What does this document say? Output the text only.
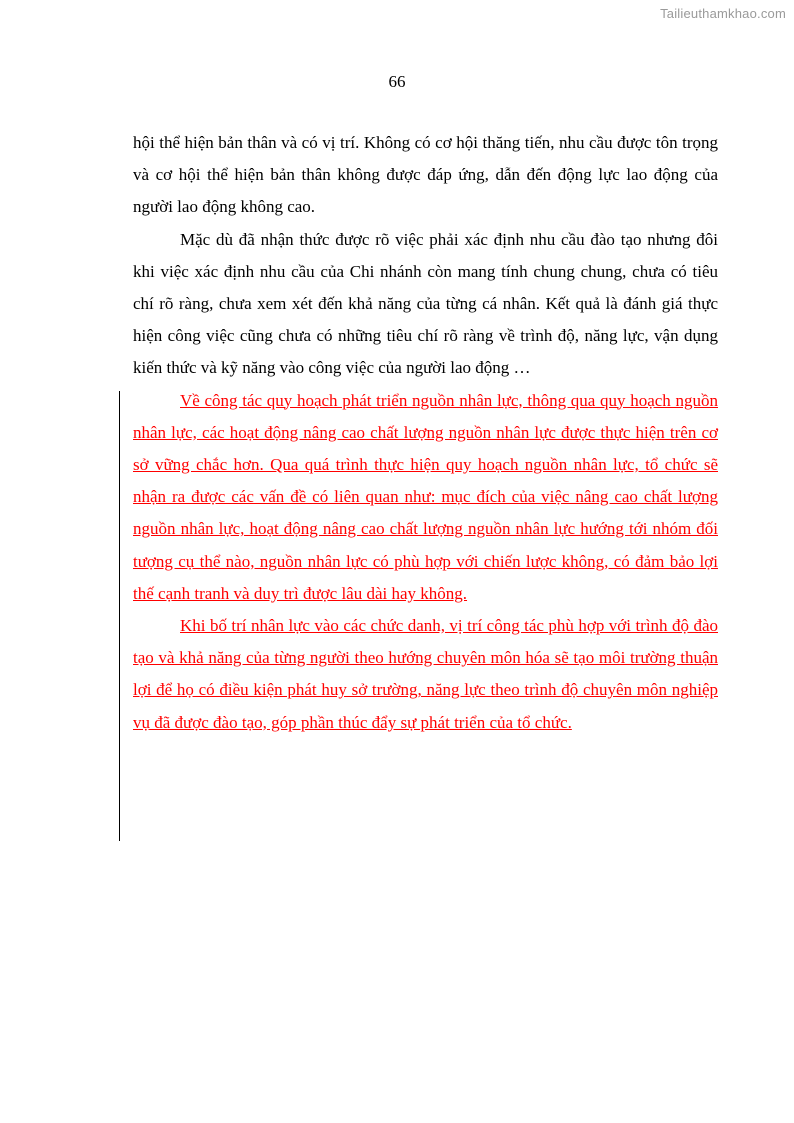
Tailieuthamkhao.com
66

hội thể hiện bản thân và có vị trí. Không có cơ hội thăng tiến, nhu cầu được tôn trọng và cơ hội thể hiện bản thân không được đáp ứng, dẫn đến động lực lao động của người lao động không cao.

Mặc dù đã nhận thức được rõ việc phải xác định nhu cầu đào tạo nhưng đôi khi việc xác định nhu cầu của Chi nhánh còn mang tính chung chung, chưa có tiêu chí rõ ràng, chưa xem xét đến khả năng của từng cá nhân. Kết quả là đánh giá thực hiện công việc cũng chưa có những tiêu chí rõ ràng về trình độ, năng lực, vận dụng kiến thức và kỹ năng vào công việc của người lao động …

Về công tác quy hoạch phát triển nguồn nhân lực, thông qua quy hoạch nguồn nhân lực, các hoạt động nâng cao chất lượng nguồn nhân lực được thực hiện trên cơ sở vững chắc hơn. Qua quá trình thực hiện quy hoạch nguồn nhân lực, tổ chức sẽ nhận ra được các vấn đề có liên quan như: mục đích của việc nâng cao chất lượng nguồn nhân lực, hoạt động nâng cao chất lượng nguồn nhân lực hướng tới nhóm đối tượng cụ thể nào, nguồn nhân lực có phù hợp với chiến lược không, có đảm bảo lợi thế cạnh tranh và duy trì được lâu dài hay không.

Khi bố trí nhân lực vào các chức danh, vị trí công tác phù hợp với trình độ đào tạo và khả năng của từng người theo hướng chuyên môn hóa sẽ tạo môi trường thuận lợi để họ có điều kiện phát huy sở trường, năng lực theo trình độ chuyên môn nghiệp vụ đã được đào tạo, góp phần thúc đẩy sự phát triển của tổ chức.
